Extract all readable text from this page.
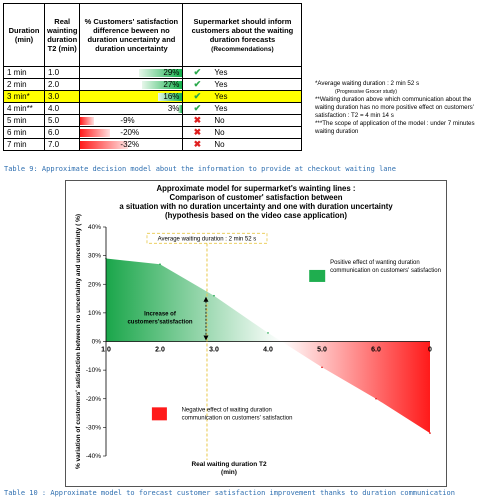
Duration (min)	Real wainting duration T2 (min)	% Customers' satisfaction difference beween no duration uncertainty and duration uncertainty	Supermarket should inform customers about the waiting duration forecasts
(Recommendations)	
1 min	1.0	29%	✔	Yes
2 min	2.0	27%	✔	Yes
3 min*	3.0	16%	✔	Yes
4 min**	4.0	3%	✔	Yes
5 min	5.0	-9%	✖	No
6 min	6.0	-20%	✖	No
7 min	7.0	-32%	✖	No
*Average waiting duration : 2 min 52 s
(Progressive Grocer study)
**Waiting duration above which communication about the waiting duration has no more positive effect on customers' satisfaction : T2 = 4 min 14 s
***The scope of application of the model : under 7 minutes waiting duration
Table 9: Approximate decision model about the information to provide at checkout waiting lane
Approximate model for supermarket's wainting lines :
Comparison of customer' satisfaction between
a situation with no duration uncertainty and one with duration uncertainty
(hypothesis based on the video case application)
40%
30%
20%
10%
0%
-10%
-20%
-30%
-40%
1.0	2.0	3.0	4.0	5.0	6.0	0
Average waiting duration : 2 min 52 s
Increase of
customers'satisfaction
Positive effect of wanting duration
communication on customers' satisfaction
Negative effect of waiting duration
communication on customers' satisfaction
Real waiting duration T2
(min)
% variation of customers' satisfaction between no uncertainty and uncertainty ( %)
Table 10 : Approximate model to forecast customer satisfaction improvement thanks to duration communication
